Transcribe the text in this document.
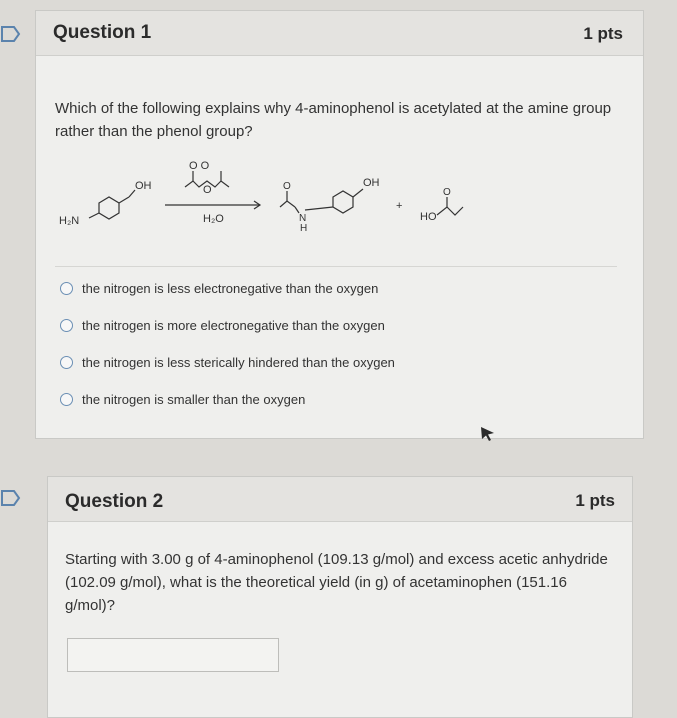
Question 1	1 pts
Which of the following explains why 4-aminophenol is acetylated at the amine group rather than the phenol group?
H₂N
OH
O O
O
H₂O
O
N
H
OH
+
HO
O
the nitrogen is less electronegative than the oxygen
the nitrogen is more electronegative than the oxygen
the nitrogen is less sterically hindered than the oxygen
the nitrogen is smaller than the oxygen
Question 2	1 pts
Starting with 3.00 g of 4-aminophenol (109.13 g/mol) and excess acetic anhydride (102.09 g/mol), what is the theoretical yield (in g) of acetaminophen (151.16 g/mol)?
